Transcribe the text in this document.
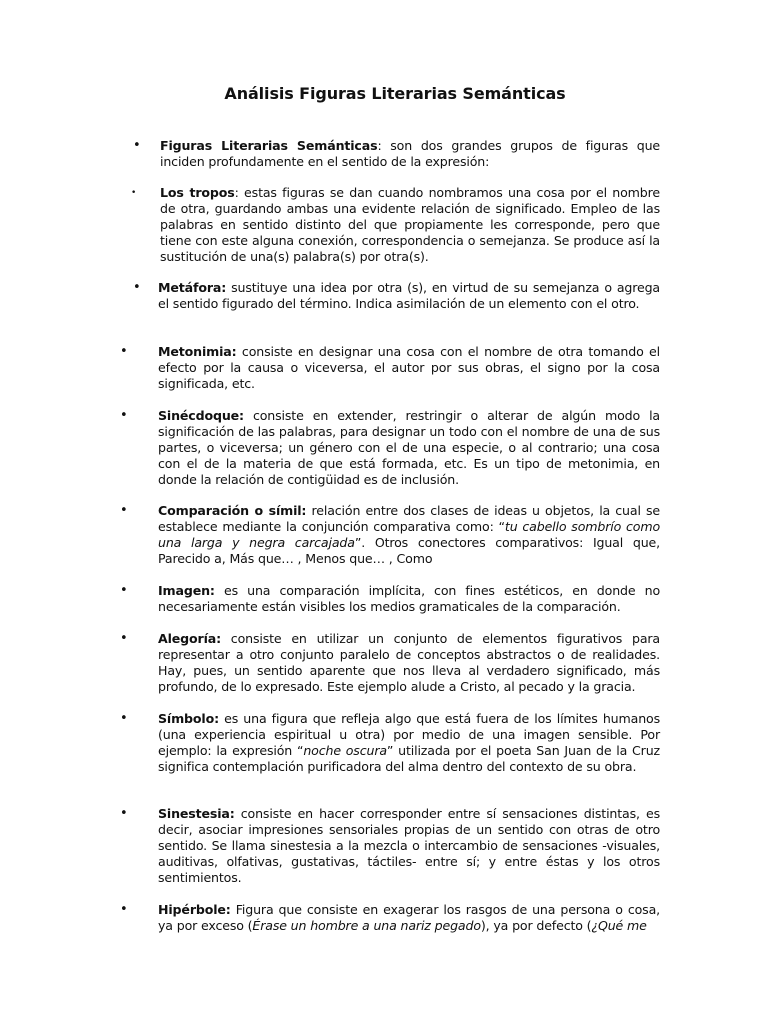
Análisis Figuras Literarias Semánticas
• Figuras Literarias Semánticas: son dos grandes grupos de figuras que inciden profundamente en el sentido de la expresión:
• Los tropos: estas figuras se dan cuando nombramos una cosa por el nombre de otra, guardando ambas una evidente relación de significado. Empleo de las palabras en sentido distinto del que propiamente les corresponde, pero que tiene con este alguna conexión, correspondencia o semejanza. Se produce así la sustitución de una(s) palabra(s) por otra(s).
• Metáfora: sustituye una idea por otra (s), en virtud de su semejanza o agrega el sentido figurado del término. Indica asimilación de un elemento con el otro.
• Metonimia: consiste en designar una cosa con el nombre de otra tomando el efecto por la causa o viceversa, el autor por sus obras, el signo por la cosa significada, etc.
• Sinécdoque: consiste en extender, restringir o alterar de algún modo la significación de las palabras, para designar un todo con el nombre de una de sus partes, o viceversa; un género con el de una especie, o al contrario; una cosa con el de la materia de que está formada, etc. Es un tipo de metonimia, en donde la relación de contigüidad es de inclusión.
• Comparación o símil: relación entre dos clases de ideas u objetos, la cual se establece mediante la conjunción comparativa como: “tu cabello sombrío como una larga y negra carcajada”. Otros conectores comparativos: Igual que, Parecido a, Más que… , Menos que… , Como
• Imagen: es una comparación implícita, con fines estéticos, en donde no necesariamente están visibles los medios gramaticales de la comparación.
• Alegoría: consiste en utilizar un conjunto de elementos figurativos para representar a otro conjunto paralelo de conceptos abstractos o de realidades. Hay, pues, un sentido aparente que nos lleva al verdadero significado, más profundo, de lo expresado. Este ejemplo alude a Cristo, al pecado y la gracia.
• Símbolo: es una figura que refleja algo que está fuera de los límites humanos (una experiencia espiritual u otra) por medio de una imagen sensible. Por ejemplo: la expresión “noche oscura” utilizada por el poeta San Juan de la Cruz significa contemplación purificadora del alma dentro del contexto de su obra.
• Sinestesia: consiste en hacer corresponder entre sí sensaciones distintas, es decir, asociar impresiones sensoriales propias de un sentido con otras de otro sentido. Se llama sinestesia a la mezcla o intercambio de sensaciones -visuales, auditivas, olfativas, gustativas, táctiles- entre sí; y entre éstas y los otros sentimientos.
• Hipérbole: Figura que consiste en exagerar los rasgos de una persona o cosa, ya por exceso (Érase un hombre a una nariz pegado), ya por defecto (¿Qué me
